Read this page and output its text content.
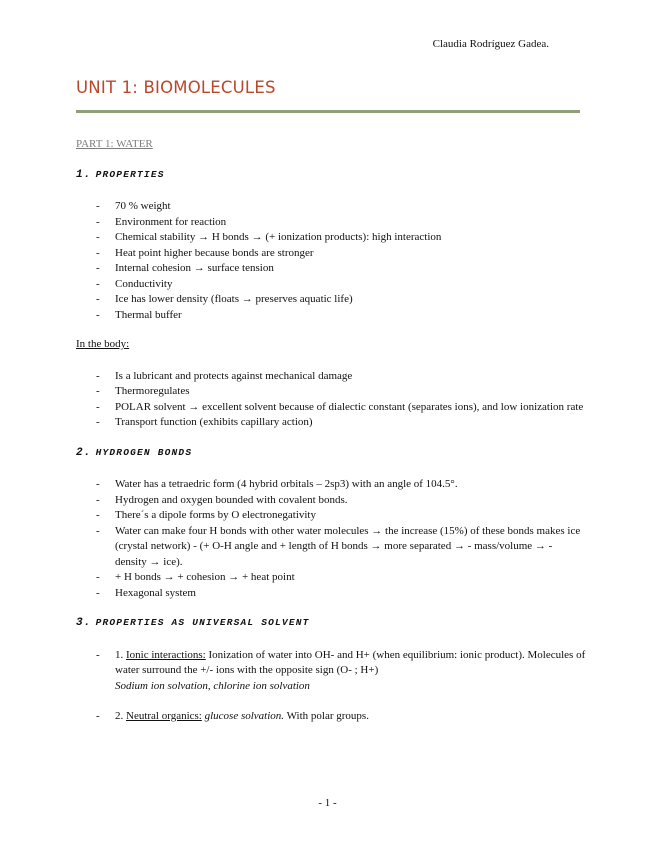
Claudia Rodríguez Gadea.
UNIT 1: BIOMOLECULES

PART 1: WATER

1. PROPERTIES

- 70 % weight
- Environment for reaction
- Chemical stability → H bonds → (+ ionization products): high interaction
- Heat point higher because bonds are stronger
- Internal cohesion → surface tension
- Conductivity
- Ice has lower density (floats → preserves aquatic life)
- Thermal buffer

In the body:

- Is a lubricant and protects against mechanical damage
- Thermoregulates
- POLAR solvent → excellent solvent because of dialectic constant (separates ions), and low ionization rate
- Transport function (exhibits capillary action)

2. HYDROGEN BONDS

- Water has a tetraedric form (4 hybrid orbitals – 2sp3) with an angle of 104.5°.
- Hydrogen and oxygen bounded with covalent bonds.
- There´s a dipole forms by O electronegativity
- Water can make four H bonds with other water molecules → the increase (15%) of these bonds makes ice (crystal network) - (+ O-H angle and + length of H bonds → more separated → - mass/volume → - density → ice).
- + H bonds → + cohesion → + heat point
- Hexagonal system

3. PROPERTIES AS UNIVERSAL SOLVENT

- 1. Ionic interactions: Ionization of water into OH- and H+ (when equilibrium: ionic product). Molecules of water surround the +/- ions with the opposite sign (O- ; H+)
Sodium ion solvation, chlorine ion solvation
- 2. Neutral organics: glucose solvation. With polar groups.
- 1 -
